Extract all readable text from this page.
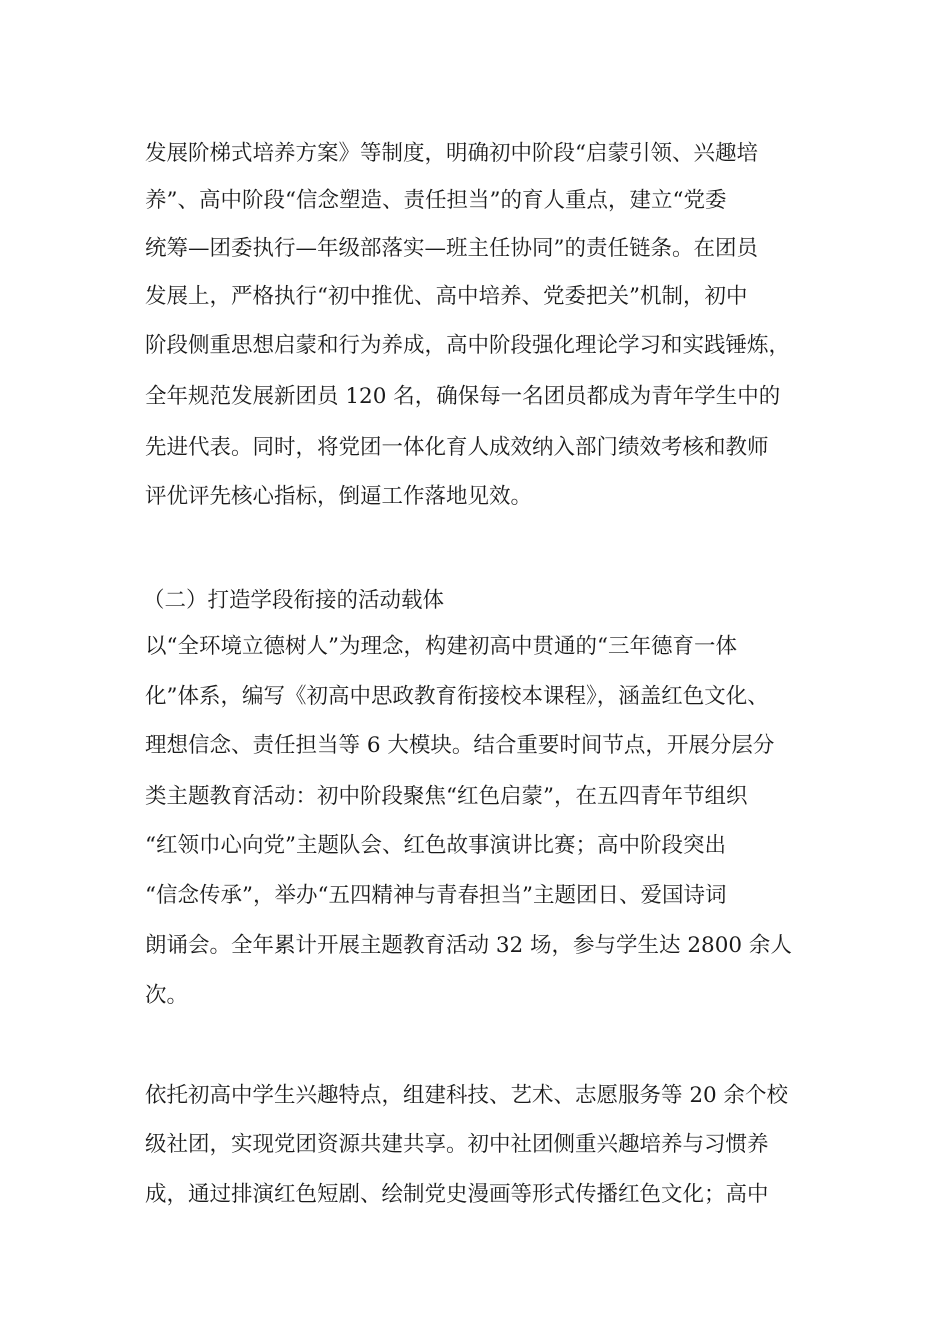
发展阶梯式培养方案》等制度，明确初中阶段“启蒙引领、兴趣培
养”、高中阶段“信念塑造、责任担当”的育人重点，建立“党委
统筹—团委执行—年级部落实—班主任协同”的责任链条。在团员
发展上，严格执行“初中推优、高中培养、党委把关”机制，初中
阶段侧重思想启蒙和行为养成，高中阶段强化理论学习和实践锤炼，
全年规范发展新团员 120 名，确保每一名团员都成为青年学生中的
先进代表。同时，将党团一体化育人成效纳入部门绩效考核和教师
评优评先核心指标，倒逼工作落地见效。
（二）打造学段衔接的活动载体
以“全环境立德树人”为理念，构建初高中贯通的“三年德育一体
化”体系，编写《初高中思政教育衔接校本课程》，涵盖红色文化、
理想信念、责任担当等 6 大模块。结合重要时间节点，开展分层分
类主题教育活动：初中阶段聚焦“红色启蒙”，在五四青年节组织
“红领巾心向党”主题队会、红色故事演讲比赛；高中阶段突出
“信念传承”，举办“五四精神与青春担当”主题团日、爱国诗词
朗诵会。全年累计开展主题教育活动 32 场，参与学生达 2800 余人
次。
依托初高中学生兴趣特点，组建科技、艺术、志愿服务等 20 余个校
级社团，实现党团资源共建共享。初中社团侧重兴趣培养与习惯养
成，通过排演红色短剧、绘制党史漫画等形式传播红色文化；高中
